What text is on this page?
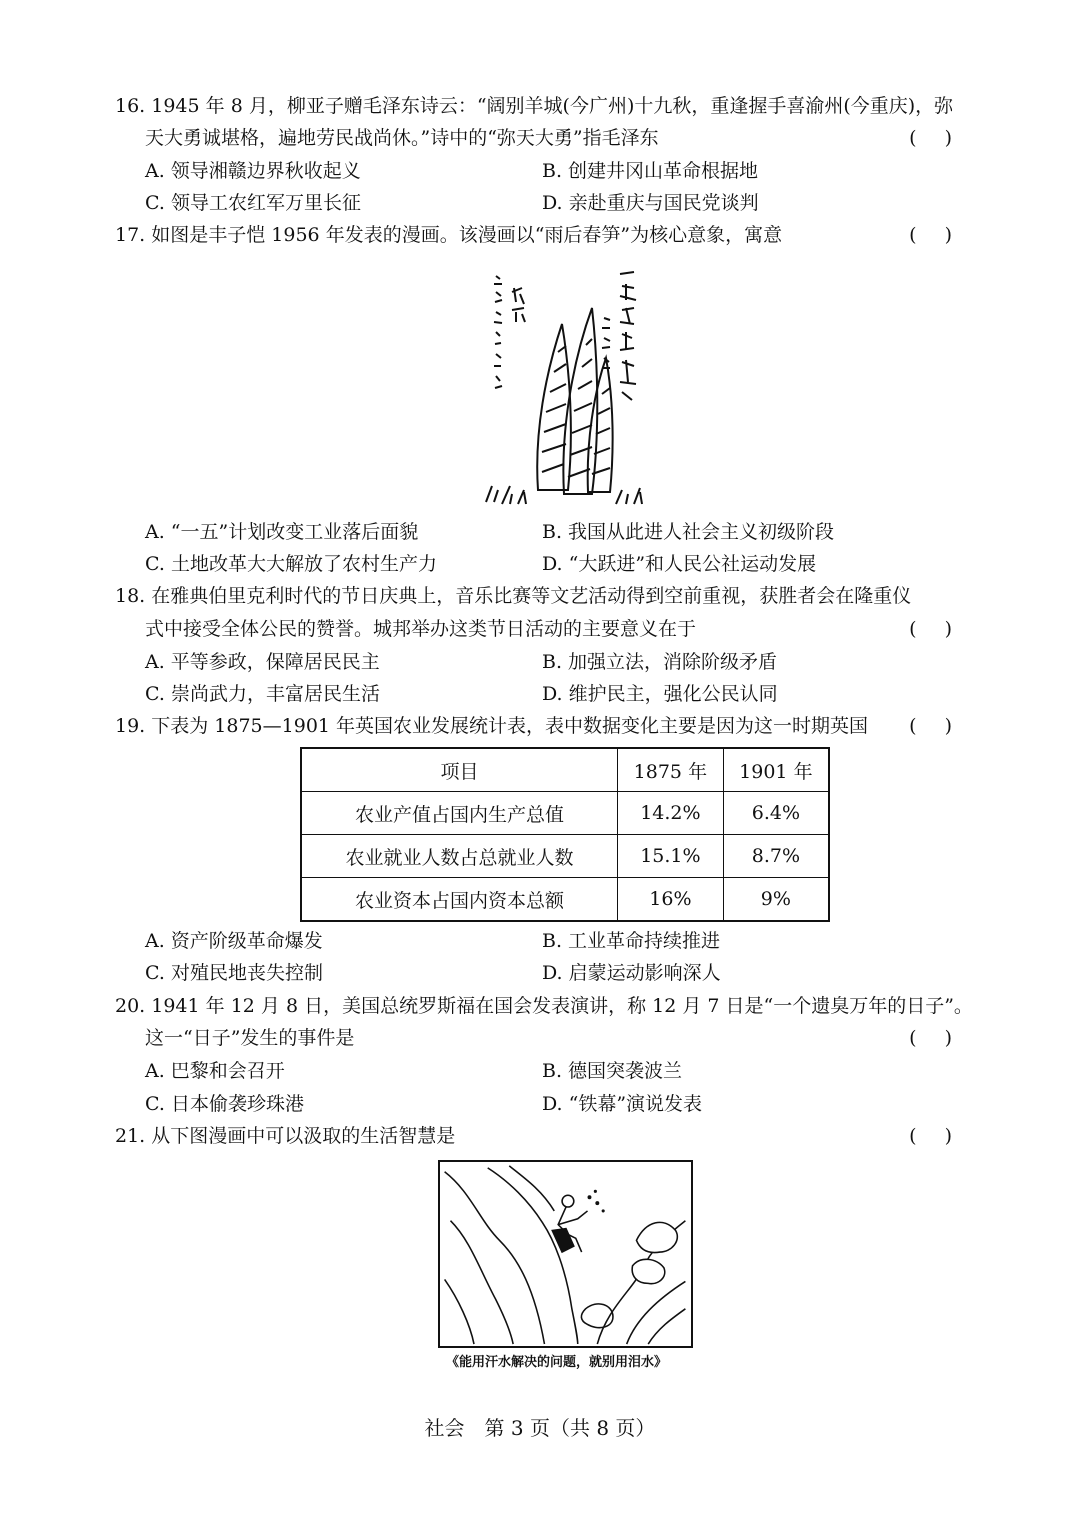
16. 1945 年 8 月，柳亚子赠毛泽东诗云：“阔别羊城(今广州)十九秋，重逢握手喜渝州(今重庆)，弥
天大勇诚堪格，遍地劳民战尚休。”诗中的“弥天大勇”指毛泽东	()
A. 领导湘赣边界秋收起义	B. 创建井冈山革命根据地
C. 领导工农红军万里长征	D. 亲赴重庆与国民党谈判
17. 如图是丰子恺 1956 年发表的漫画。该漫画以“雨后春笋”为核心意象，寓意	()
A. “一五”计划改变工业落后面貌	B. 我国从此进人社会主义初级阶段
C. 土地改革大大解放了农村生产力	D. “大跃进”和人民公社运动发展
18. 在雅典伯里克利时代的节日庆典上，音乐比赛等文艺活动得到空前重视，获胜者会在隆重仪
式中接受全体公民的赞誉。城邦举办这类节日活动的主要意义在于	()
A. 平等参政，保障居民民主	B. 加强立法，消除阶级矛盾
C. 崇尚武力，丰富居民生活	D. 维护民主，强化公民认同
19. 下表为 1875—1901 年英国农业发展统计表，表中数据变化主要是因为这一时期英国 ()
项目	1875 年	1901 年
农业产值占国内生产总值	14.2%	6.4%
农业就业人数占总就业人数	15.1%	8.7%
农业资本占国内资本总额	16%	9%
A. 资产阶级革命爆发	B. 工业革命持续推进
C. 对殖民地丧失控制	D. 启蒙运动影响深人
20. 1941 年 12 月 8 日，美国总统罗斯福在国会发表演讲，称 12 月 7 日是“一个遗臭万年的日子”。
这一“日子”发生的事件是	()
A. 巴黎和会召开	B. 德国突袭波兰
C. 日本偷袭珍珠港	D. “铁幕”演说发表
21. 从下图漫画中可以汲取的生活智慧是	()
《能用汗水解决的问题，就别用泪水》
社会　第 3 页（共 8 页）
